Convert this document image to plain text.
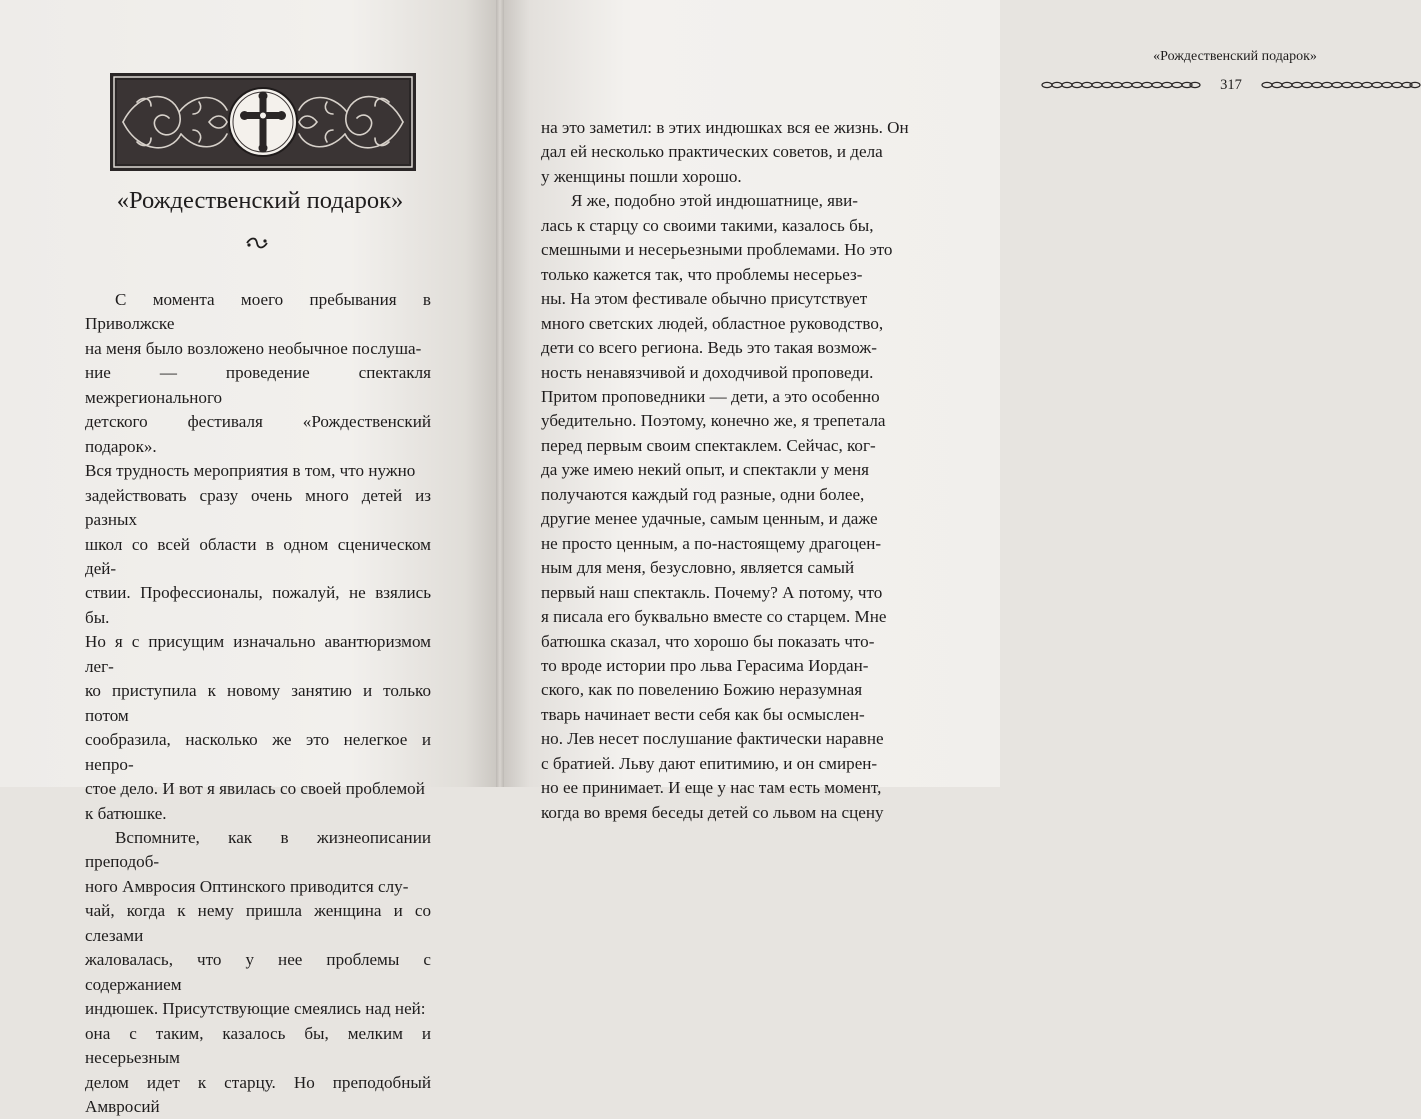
«Рождественский подарок»

С момента моего пребывания в Приволжске

на меня было возложено необычное послуша-

ние — проведение спектакля межрегионального

детского фестиваля «Рождественский подарок».

Вся трудность мероприятия в том, что нужно

задействовать сразу очень много детей из разных

школ со всей области в одном сценическом дей-

ствии. Профессионалы, пожалуй, не взялись бы.

Но я с присущим изначально авантюризмом лег-

ко приступила к новому занятию и только потом

сообразила, насколько же это нелегкое и непро-

стое дело. И вот я явилась со своей проблемой

к батюшке.

Вспомните, как в жизнеописании преподоб-

ного Амвросия Оптинского приводится слу-

чай, когда к нему пришла женщина и со слезами

жаловалась, что у нее проблемы с содержанием

индюшек. Присутствующие смеялись над ней:

она с таким, казалось бы, мелким и несерьезным

делом идет к старцу. Но преподобный Амвросий

«Рождественский подарок»
317

на это заметил: в этих индюшках вся ее жизнь. Он

дал ей несколько практических советов, и дела

у женщины пошли хорошо.

Я же, подобно этой индюшатнице, яви-

лась к старцу со своими такими, казалось бы,

смешными и несерьезными проблемами. Но это

только кажется так, что проблемы несерьез-

ны. На этом фестивале обычно присутствует

много светских людей, областное руководство,

дети со всего региона. Ведь это такая возмож-

ность ненавязчивой и доходчивой проповеди.

Притом проповедники — дети, а это особенно

убедительно. Поэтому, конечно же, я трепетала

перед первым своим спектаклем. Сейчас, ког-

да уже имею некий опыт, и спектакли у меня

получаются каждый год разные, одни более,

другие менее удачные, самым ценным, и даже

не просто ценным, а по-настоящему драгоцен-

ным для меня, безусловно, является самый

первый наш спектакль. Почему? А потому, что

я писала его буквально вместе со старцем. Мне

батюшка сказал, что хорошо бы показать что-

то вроде истории про льва Герасима Иордан-

ского, как по повелению Божию неразумная

тварь начинает вести себя как бы осмыслен-

но. Лев несет послушание фактически наравне

с братией. Льву дают епитимию, и он смирен-

но ее принимает. И еще у нас там есть момент,

когда во время беседы детей со львом на сцену
